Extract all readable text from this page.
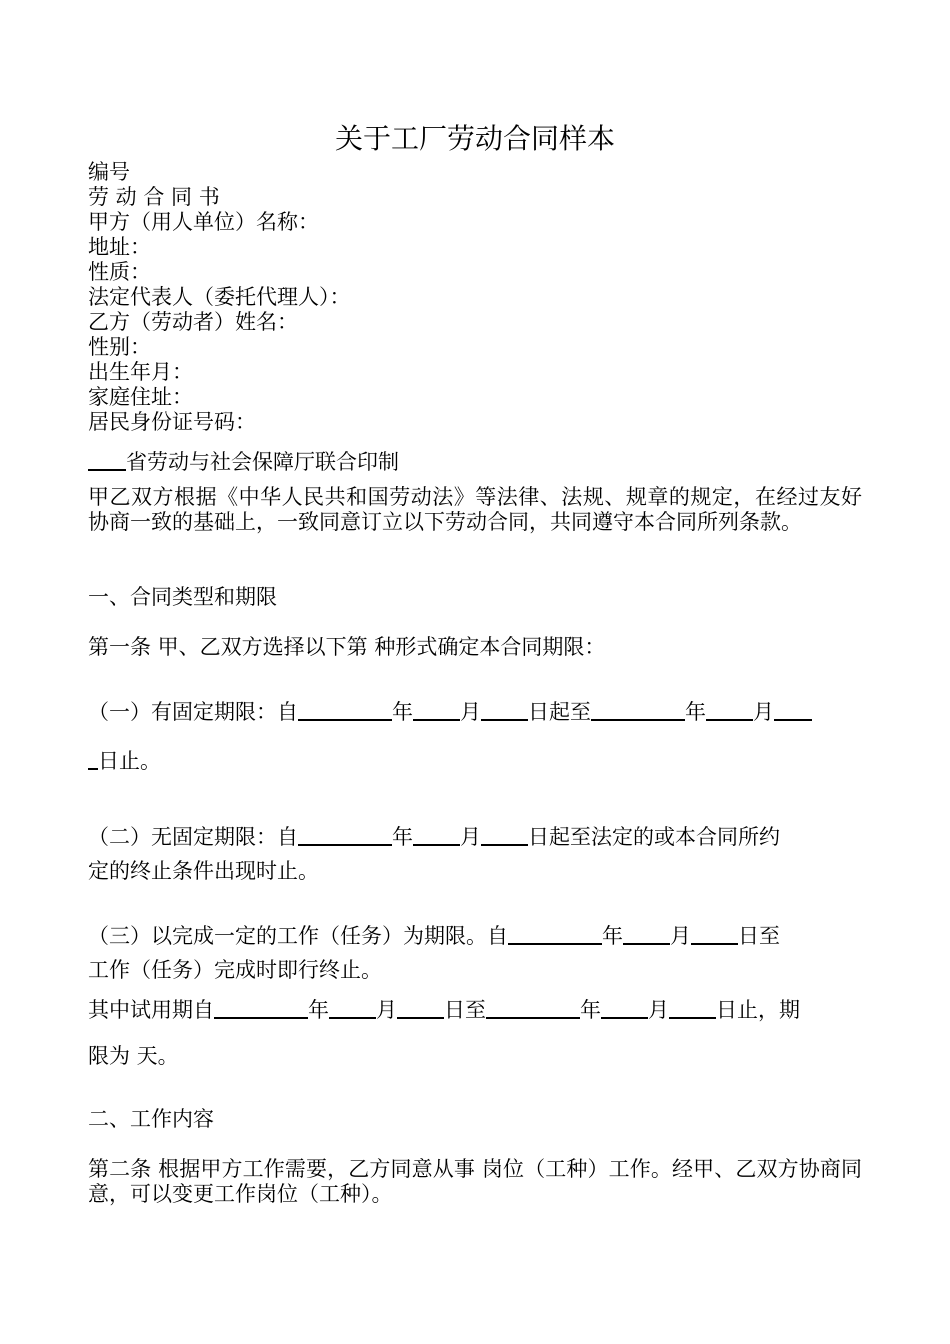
关于工厂劳动合同样本

编号

劳 动 合 同 书

甲方（用人单位）名称：

地址：

性质：

法定代表人（委托代理人）：

乙方（劳动者）姓名：

性别：

出生年月：

家庭住址：

居民身份证号码：

省劳动与社会保障厅联合印制

甲乙双方根据《中华人民共和国劳动法》等法律、法规、规章的规定，在经过友好协商一致的基础上，一致同意订立以下劳动合同，共同遵守本合同所列条款。

一、合同类型和期限

第一条 甲、乙双方选择以下第 种形式确定本合同期限：

（一）有固定期限：自	年 月 日起至	年 月

日止。

（二）无固定期限：自	年 月 日起至法定的或本合同所约

定的终止条件出现时止。

（三）以完成一定的工作（任务）为期限。自	年 月 日至

工作（任务）完成时即行终止。

其中试用期自	年 月 日至	年 月 日止，期

限为 天。

二、工作内容

第二条 根据甲方工作需要，乙方同意从事 岗位（工种）工作。经甲、乙双方协商同意，可以变更工作岗位（工种）。
